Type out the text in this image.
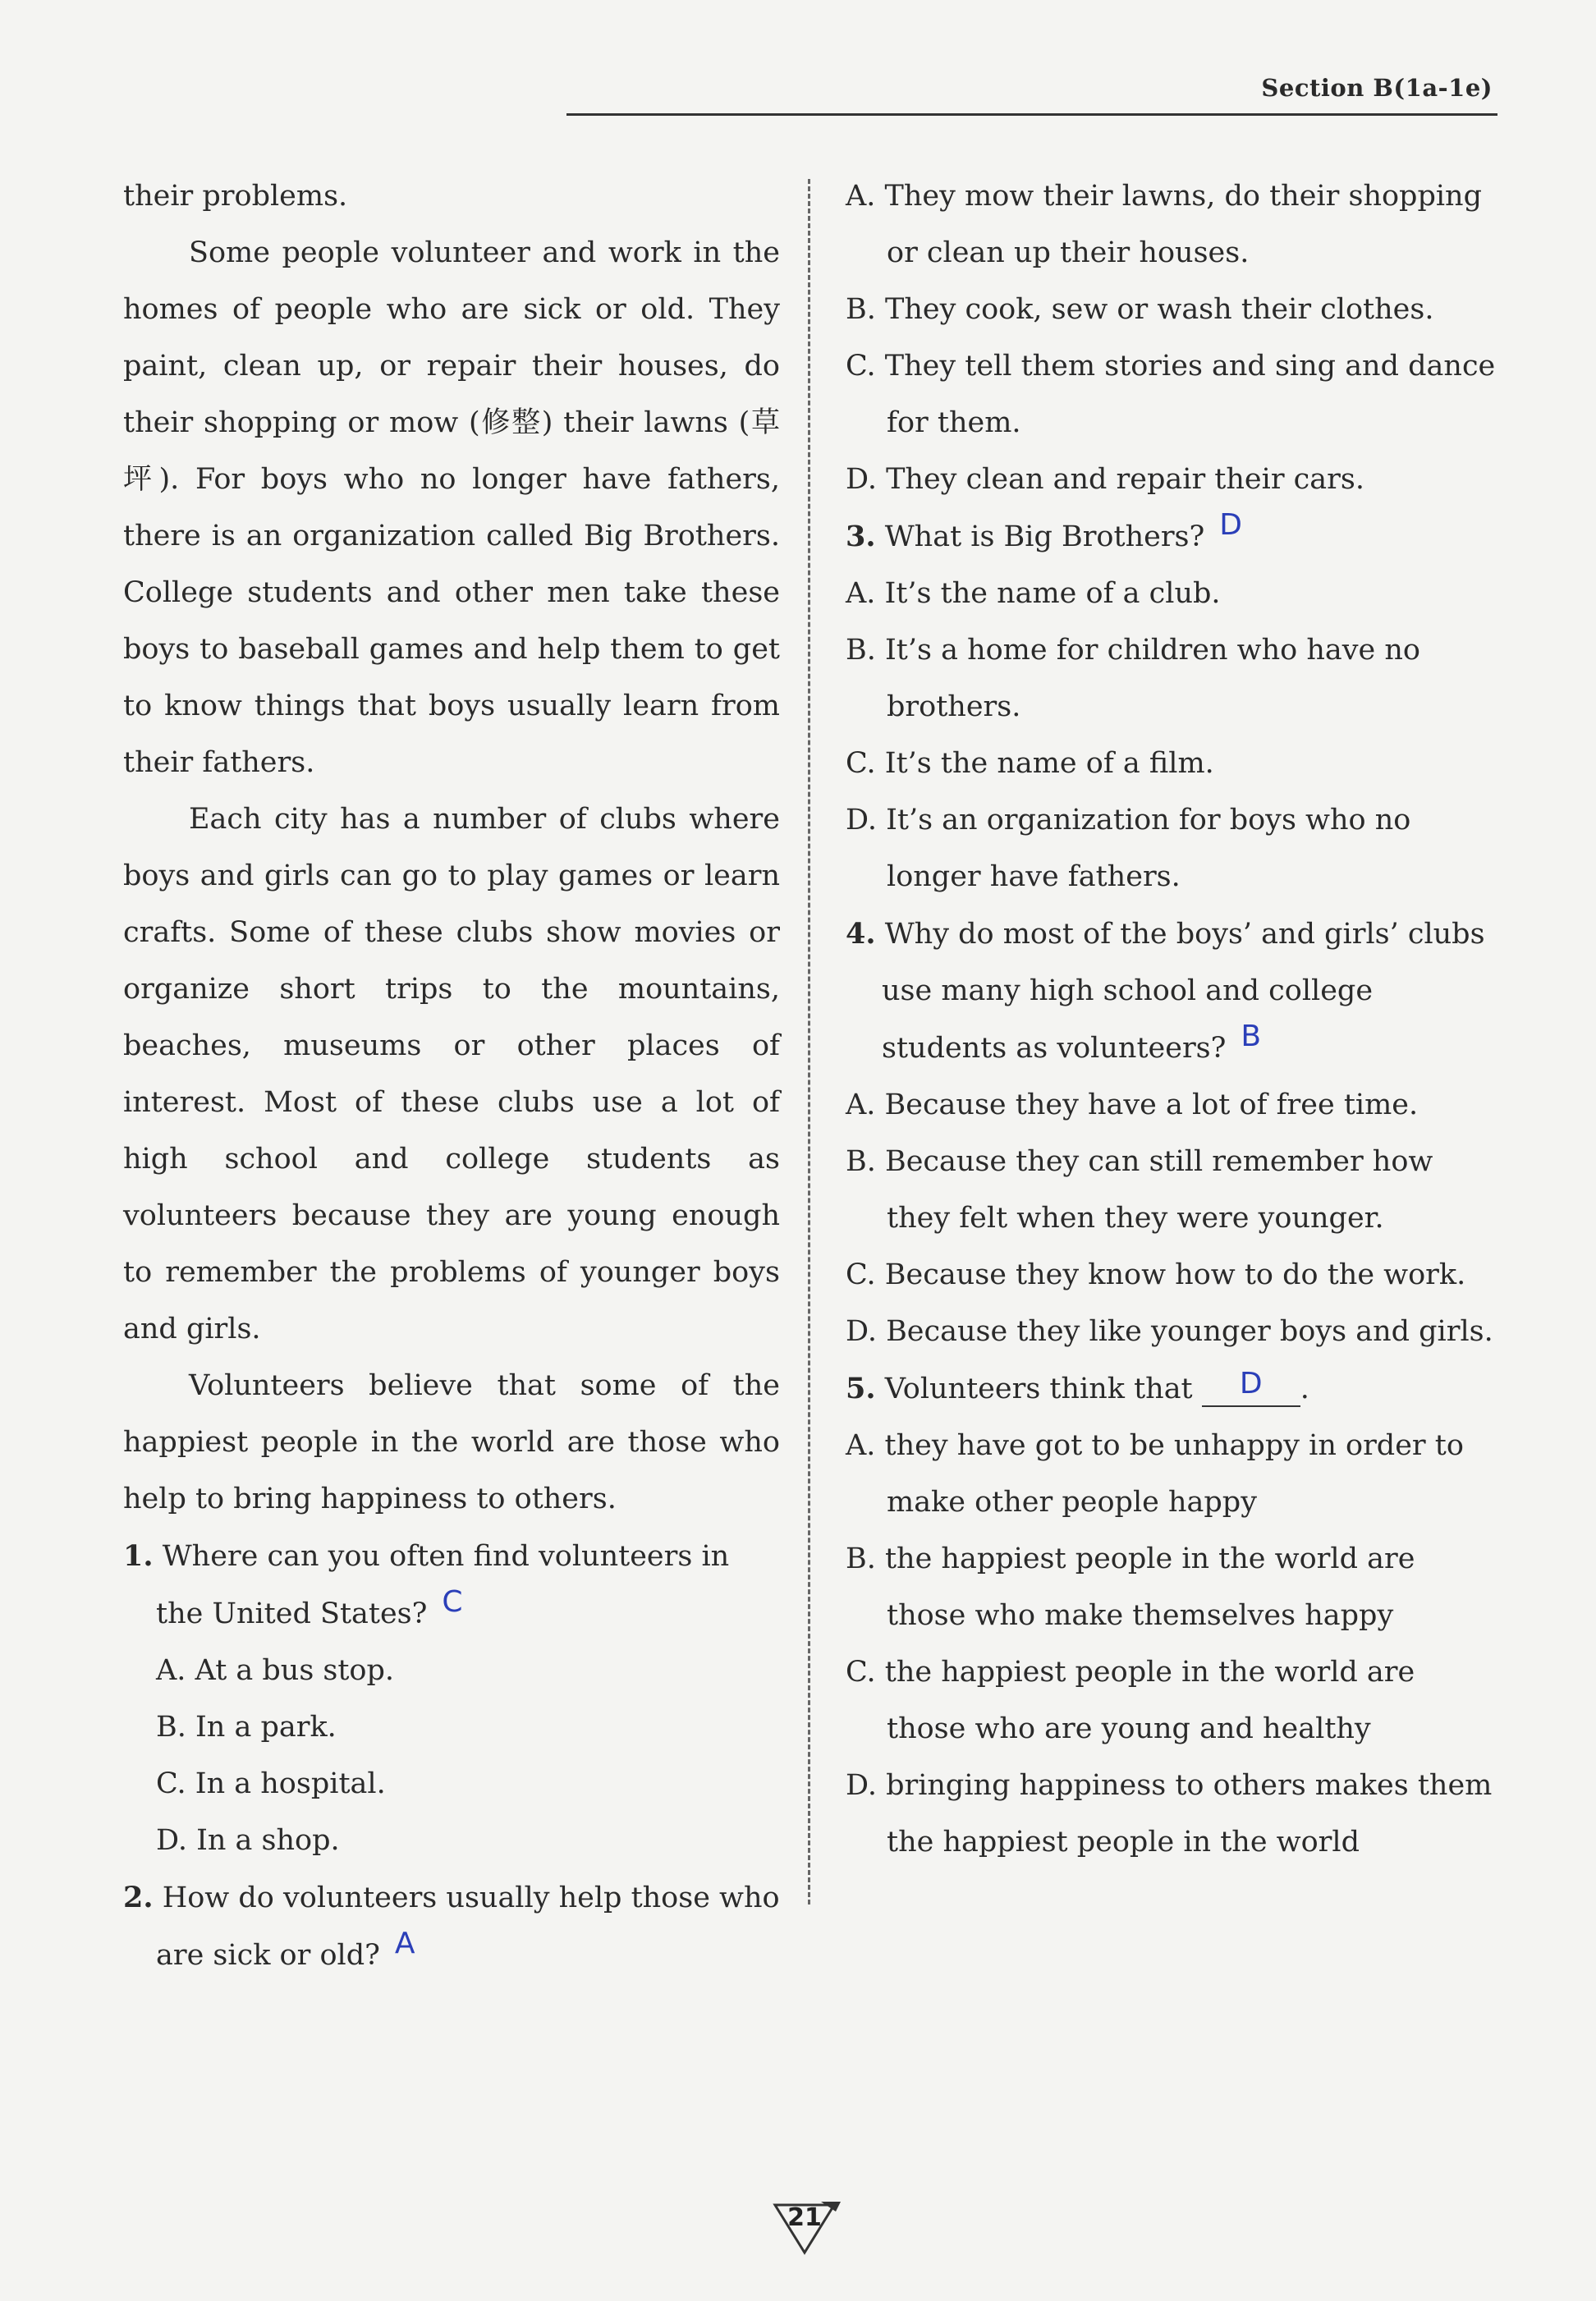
Section B(1a-1e)

their problems.

Some people volunteer and work in the homes of people who are sick or old. They paint, clean up, or repair their houses, do their shopping or mow (修整) their lawns (草坪). For boys who no longer have fathers, there is an organization called Big Brothers. College students and other men take these boys to baseball games and help them to get to know things that boys usually learn from their fathers.

Each city has a number of clubs where boys and girls can go to play games or learn crafts. Some of these clubs show movies or organize short trips to the mountains, beaches, museums or other places of interest. Most of these clubs use a lot of high school and college students as volunteers because they are young enough to remember the problems of younger boys and girls.

Volunteers believe that some of the happiest people in the world are those who help to bring happiness to others.

1. Where can you often find volunteers in the United States? C

A. At a bus stop.

B. In a park.

C. In a hospital.

D. In a shop.

2. How do volunteers usually help those who are sick or old? A

A. They mow their lawns, do their shopping or clean up their houses.

B. They cook, sew or wash their clothes.

C. They tell them stories and sing and dance for them.

D. They clean and repair their cars.

3. What is Big Brothers? D

A. It’s the name of a club.

B. It’s a home for children who have no brothers.

C. It’s the name of a film.

D. It’s an organization for boys who no longer have fathers.

4. Why do most of the boys’ and girls’ clubs use many high school and college students as volunteers? B

A. Because they have a lot of free time.

B. Because they can still remember how they felt when they were younger.

C. Because they know how to do the work.

D. Because they like younger boys and girls.

5. Volunteers think that D .

A. they have got to be unhappy in order to make other people happy

B. the happiest people in the world are those who make themselves happy

C. the happiest people in the world are those who are young and healthy

D. bringing happiness to others makes them the happiest people in the world

21
